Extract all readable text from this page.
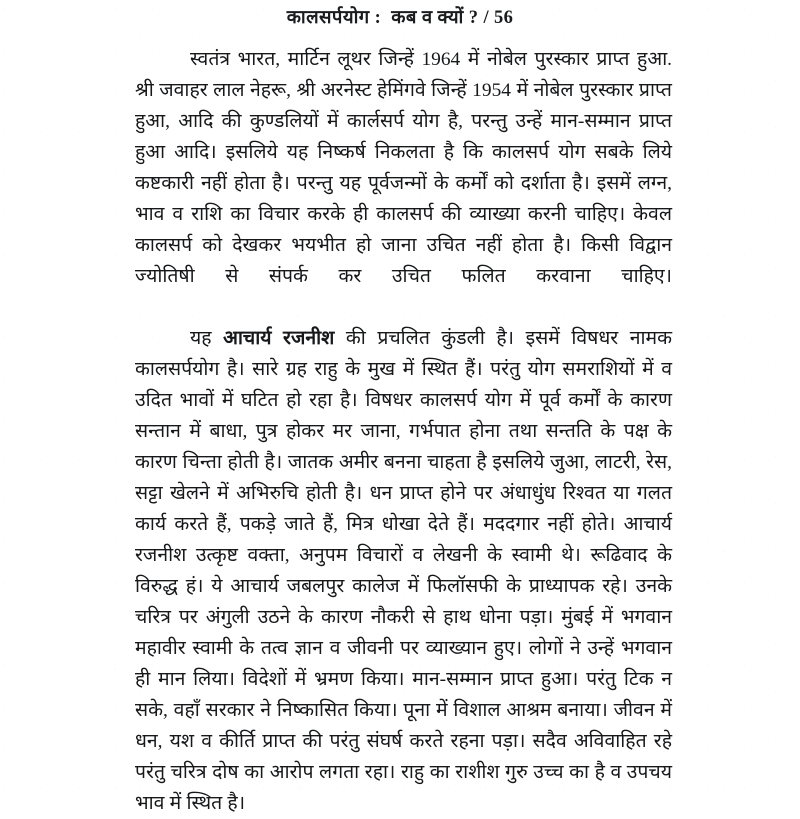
कालसर्पयोग :  कब व क्यों ? / 56

स्वतंत्र भारत, मार्टिन लूथर जिन्हें 1964 में नोबेल पुरस्कार प्राप्त हुआ. श्री जवाहर लाल नेहरू, श्री अरनेस्ट हेमिंगवे जिन्हें 1954 में नोबेल पुरस्कार प्राप्त हुआ, आदि की कुण्डलियों में कार्लसर्प योग है, परन्तु उन्हें मान-सम्मान प्राप्त हुआ आदि। इसलिये यह निष्कर्ष निकलता है कि कालसर्प योग सबके लिये कष्टकारी नहीं होता है। परन्तु यह पूर्वजन्मों के कर्मों को दर्शाता है। इसमें लग्न, भाव व राशि का विचार करके ही कालसर्प की व्याख्या करनी चाहिए। केवल कालसर्प को देखकर भयभीत हो जाना उचित नहीं होता है। किसी विद्वान ज्योतिषी से संपर्क कर उचित फलित करवाना चाहिए।

यह आचार्य रजनीश की प्रचलित कुंडली है। इसमें विषधर नामक कालसर्पयोग है। सारे ग्रह राहु के मुख में स्थित हैं। परंतु योग समराशियों में व उदित भावों में घटित हो रहा है। विषधर कालसर्प योग में पूर्व कर्मों के कारण सन्तान में बाधा, पुत्र होकर मर जाना, गर्भपात होना तथा सन्तति के पक्ष के कारण चिन्ता होती है। जातक अमीर बनना चाहता है इसलिये जुआ, लाटरी, रेस, सट्टा खेलने में अभिरुचि होती है। धन प्राप्त होने पर अंधाधुंध रिश्वत या गलत कार्य करते हैं, पकड़े जाते हैं, मित्र धोखा देते हैं। मददगार नहीं होते। आचार्य रजनीश उत्कृष्ट वक्ता, अनुपम विचारों व लेखनी के स्वामी थे। रूढिवाद के विरुद्ध हं। ये आचार्य जबलपुर कालेज में फिलॉसफी के प्राध्यापक रहे। उनके चरित्र पर अंगुली उठने के कारण नौकरी से हाथ धोना पड़ा। मुंबई में भगवान महावीर स्वामी के तत्व ज्ञान व जीवनी पर व्याख्यान हुए। लोगों ने उन्हें भगवान ही मान लिया। विदेशों में भ्रमण किया। मान-सम्मान प्राप्त हुआ। परंतु टिक न सके, वहाँ सरकार ने निष्कासित किया। पूना में विशाल आश्रम बनाया। जीवन में धन, यश व कीर्ति प्राप्त की परंतु संघर्ष करते रहना पड़ा। सदैव अविवाहित रहे परंतु चरित्र दोष का आरोप लगता रहा। राहु का राशीश गुरु उच्च का है व उपचय भाव में स्थित है।
